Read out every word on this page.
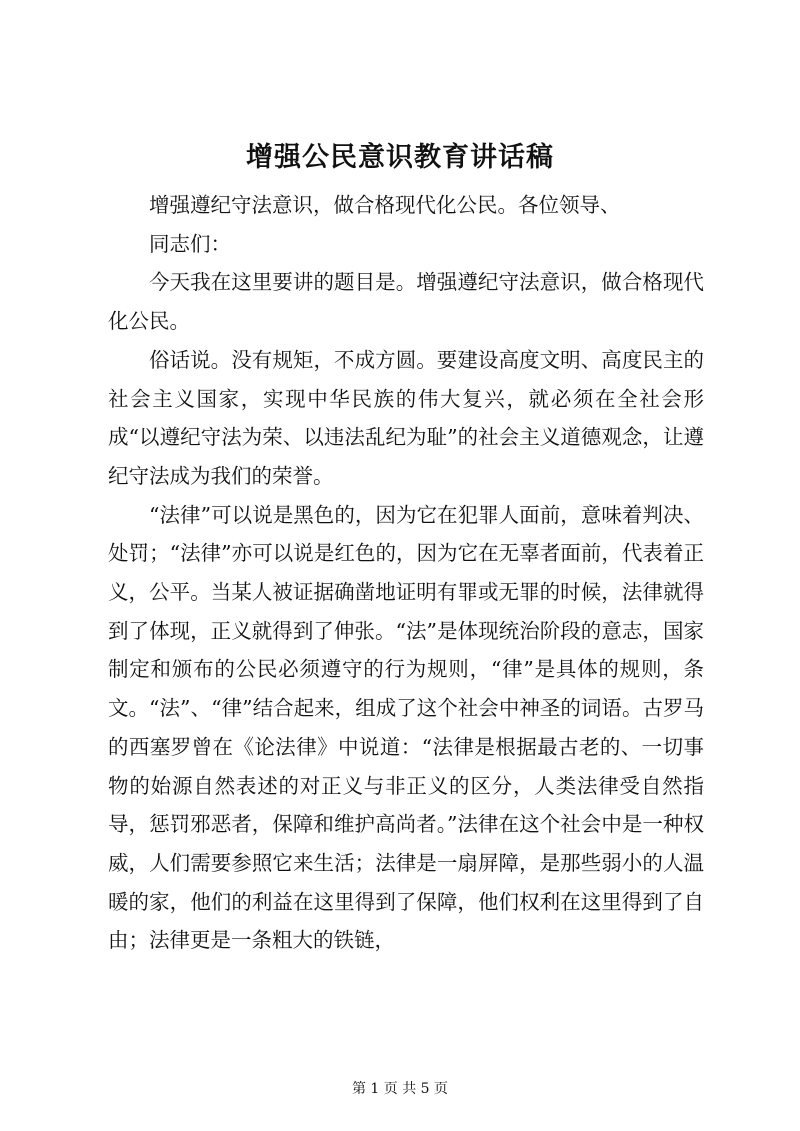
增强公民意识教育讲话稿

增强遵纪守法意识，做合格现代化公民。各位领导、

同志们：

今天我在这里要讲的题目是。增强遵纪守法意识，做合格现代化公民。

俗话说。没有规矩，不成方圆。要建设高度文明、高度民主的社会主义国家，实现中华民族的伟大复兴，就必须在全社会形成“以遵纪守法为荣、以违法乱纪为耻”的社会主义道德观念，让遵纪守法成为我们的荣誉。

“法律”可以说是黑色的，因为它在犯罪人面前，意味着判决、处罚；“法律”亦可以说是红色的，因为它在无辜者面前，代表着正义，公平。当某人被证据确凿地证明有罪或无罪的时候，法律就得到了体现，正义就得到了伸张。“法”是体现统治阶段的意志，国家制定和颁布的公民必须遵守的行为规则，“律”是具体的规则，条文。“法”、“律”结合起来，组成了这个社会中神圣的词语。古罗马的西塞罗曾在《论法律》中说道：“法律是根据最古老的、一切事物的始源自然表述的对正义与非正义的区分，人类法律受自然指导，惩罚邪恶者，保障和维护高尚者。”法律在这个社会中是一种权威，人们需要参照它来生活；法律是一扇屏障，是那些弱小的人温暖的家，他们的利益在这里得到了保障，他们权利在这里得到了自由；法律更是一条粗大的铁链，

第 1 页 共 5 页
